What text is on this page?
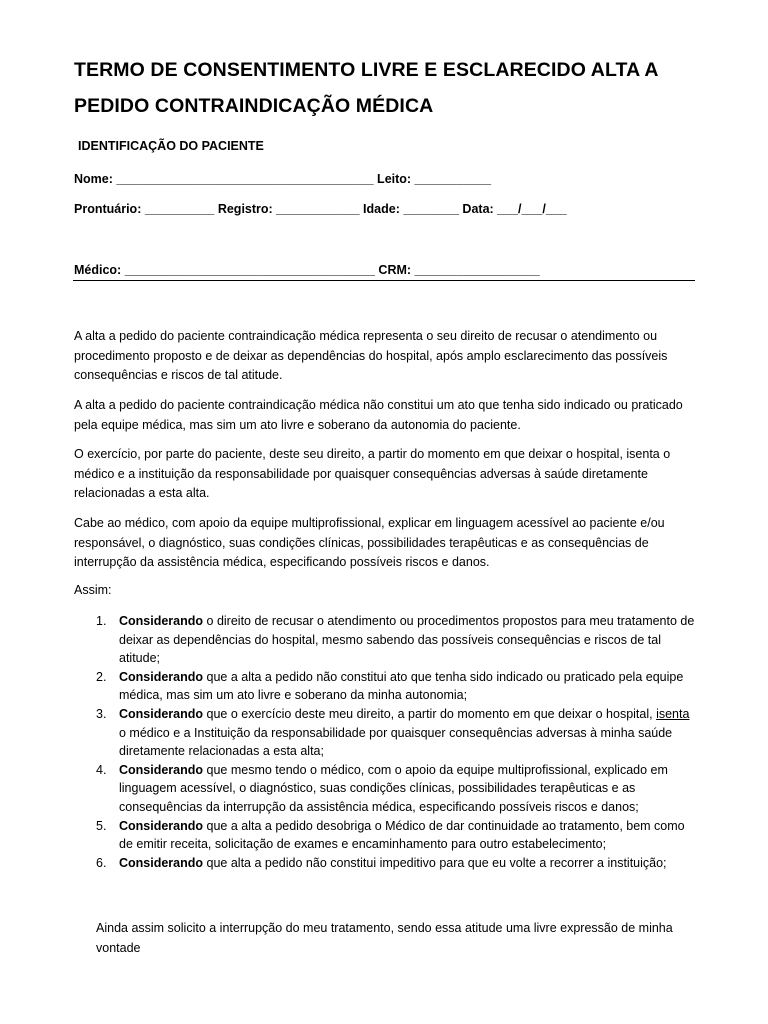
TERMO DE CONSENTIMENTO LIVRE E ESCLARECIDO ALTA A
PEDIDO CONTRAINDICAÇÃO MÉDICA
IDENTIFICAÇÃO DO PACIENTE
Nome: _____________________________________ Leito: ___________
Prontuário: __________ Registro: ____________ Idade: ________ Data: ___/___/___
Médico: ____________________________________ CRM: __________________
A alta a pedido do paciente contraindicação médica representa o seu direito de recusar o atendimento ou procedimento proposto e de deixar as dependências do hospital, após amplo esclarecimento das possíveis consequências e riscos de tal atitude.
A alta a pedido do paciente contraindicação médica não constitui um ato que tenha sido indicado ou praticado pela equipe médica, mas sim um ato livre e soberano da autonomia do paciente.
O exercício, por parte do paciente, deste seu direito, a partir do momento em que deixar o hospital, isenta o médico e a instituição da responsabilidade por quaisquer consequências adversas à saúde diretamente relacionadas a esta alta.
Cabe ao médico, com apoio da equipe multiprofissional, explicar em linguagem acessível ao paciente e/ou responsável, o diagnóstico, suas condições clínicas, possibilidades terapêuticas e as consequências de interrupção da assistência médica, especificando possíveis riscos e danos.
Assim:
1. Considerando o direito de recusar o atendimento ou procedimentos propostos para meu tratamento de deixar as dependências do hospital, mesmo sabendo das possíveis consequências e riscos de tal atitude;
2. Considerando que a alta a pedido não constitui ato que tenha sido indicado ou praticado pela equipe médica, mas sim um ato livre e soberano da minha autonomia;
3. Considerando que o exercício deste meu direito, a partir do momento em que deixar o hospital, isenta o médico e a Instituição da responsabilidade por quaisquer consequências adversas à minha saúde diretamente relacionadas a esta alta;
4. Considerando que mesmo tendo o médico, com o apoio da equipe multiprofissional, explicado em linguagem acessível, o diagnóstico, suas condições clínicas, possibilidades terapêuticas e as consequências da interrupção da assistência médica, especificando possíveis riscos e danos;
5. Considerando que a alta a pedido desobriga o Médico de dar continuidade ao tratamento, bem como de emitir receita, solicitação de exames e encaminhamento para outro estabelecimento;
6. Considerando que alta a pedido não constitui impeditivo para que eu volte a recorrer a instituição;
Ainda assim solicito a interrupção do meu tratamento, sendo essa atitude uma livre expressão de minha vontade
